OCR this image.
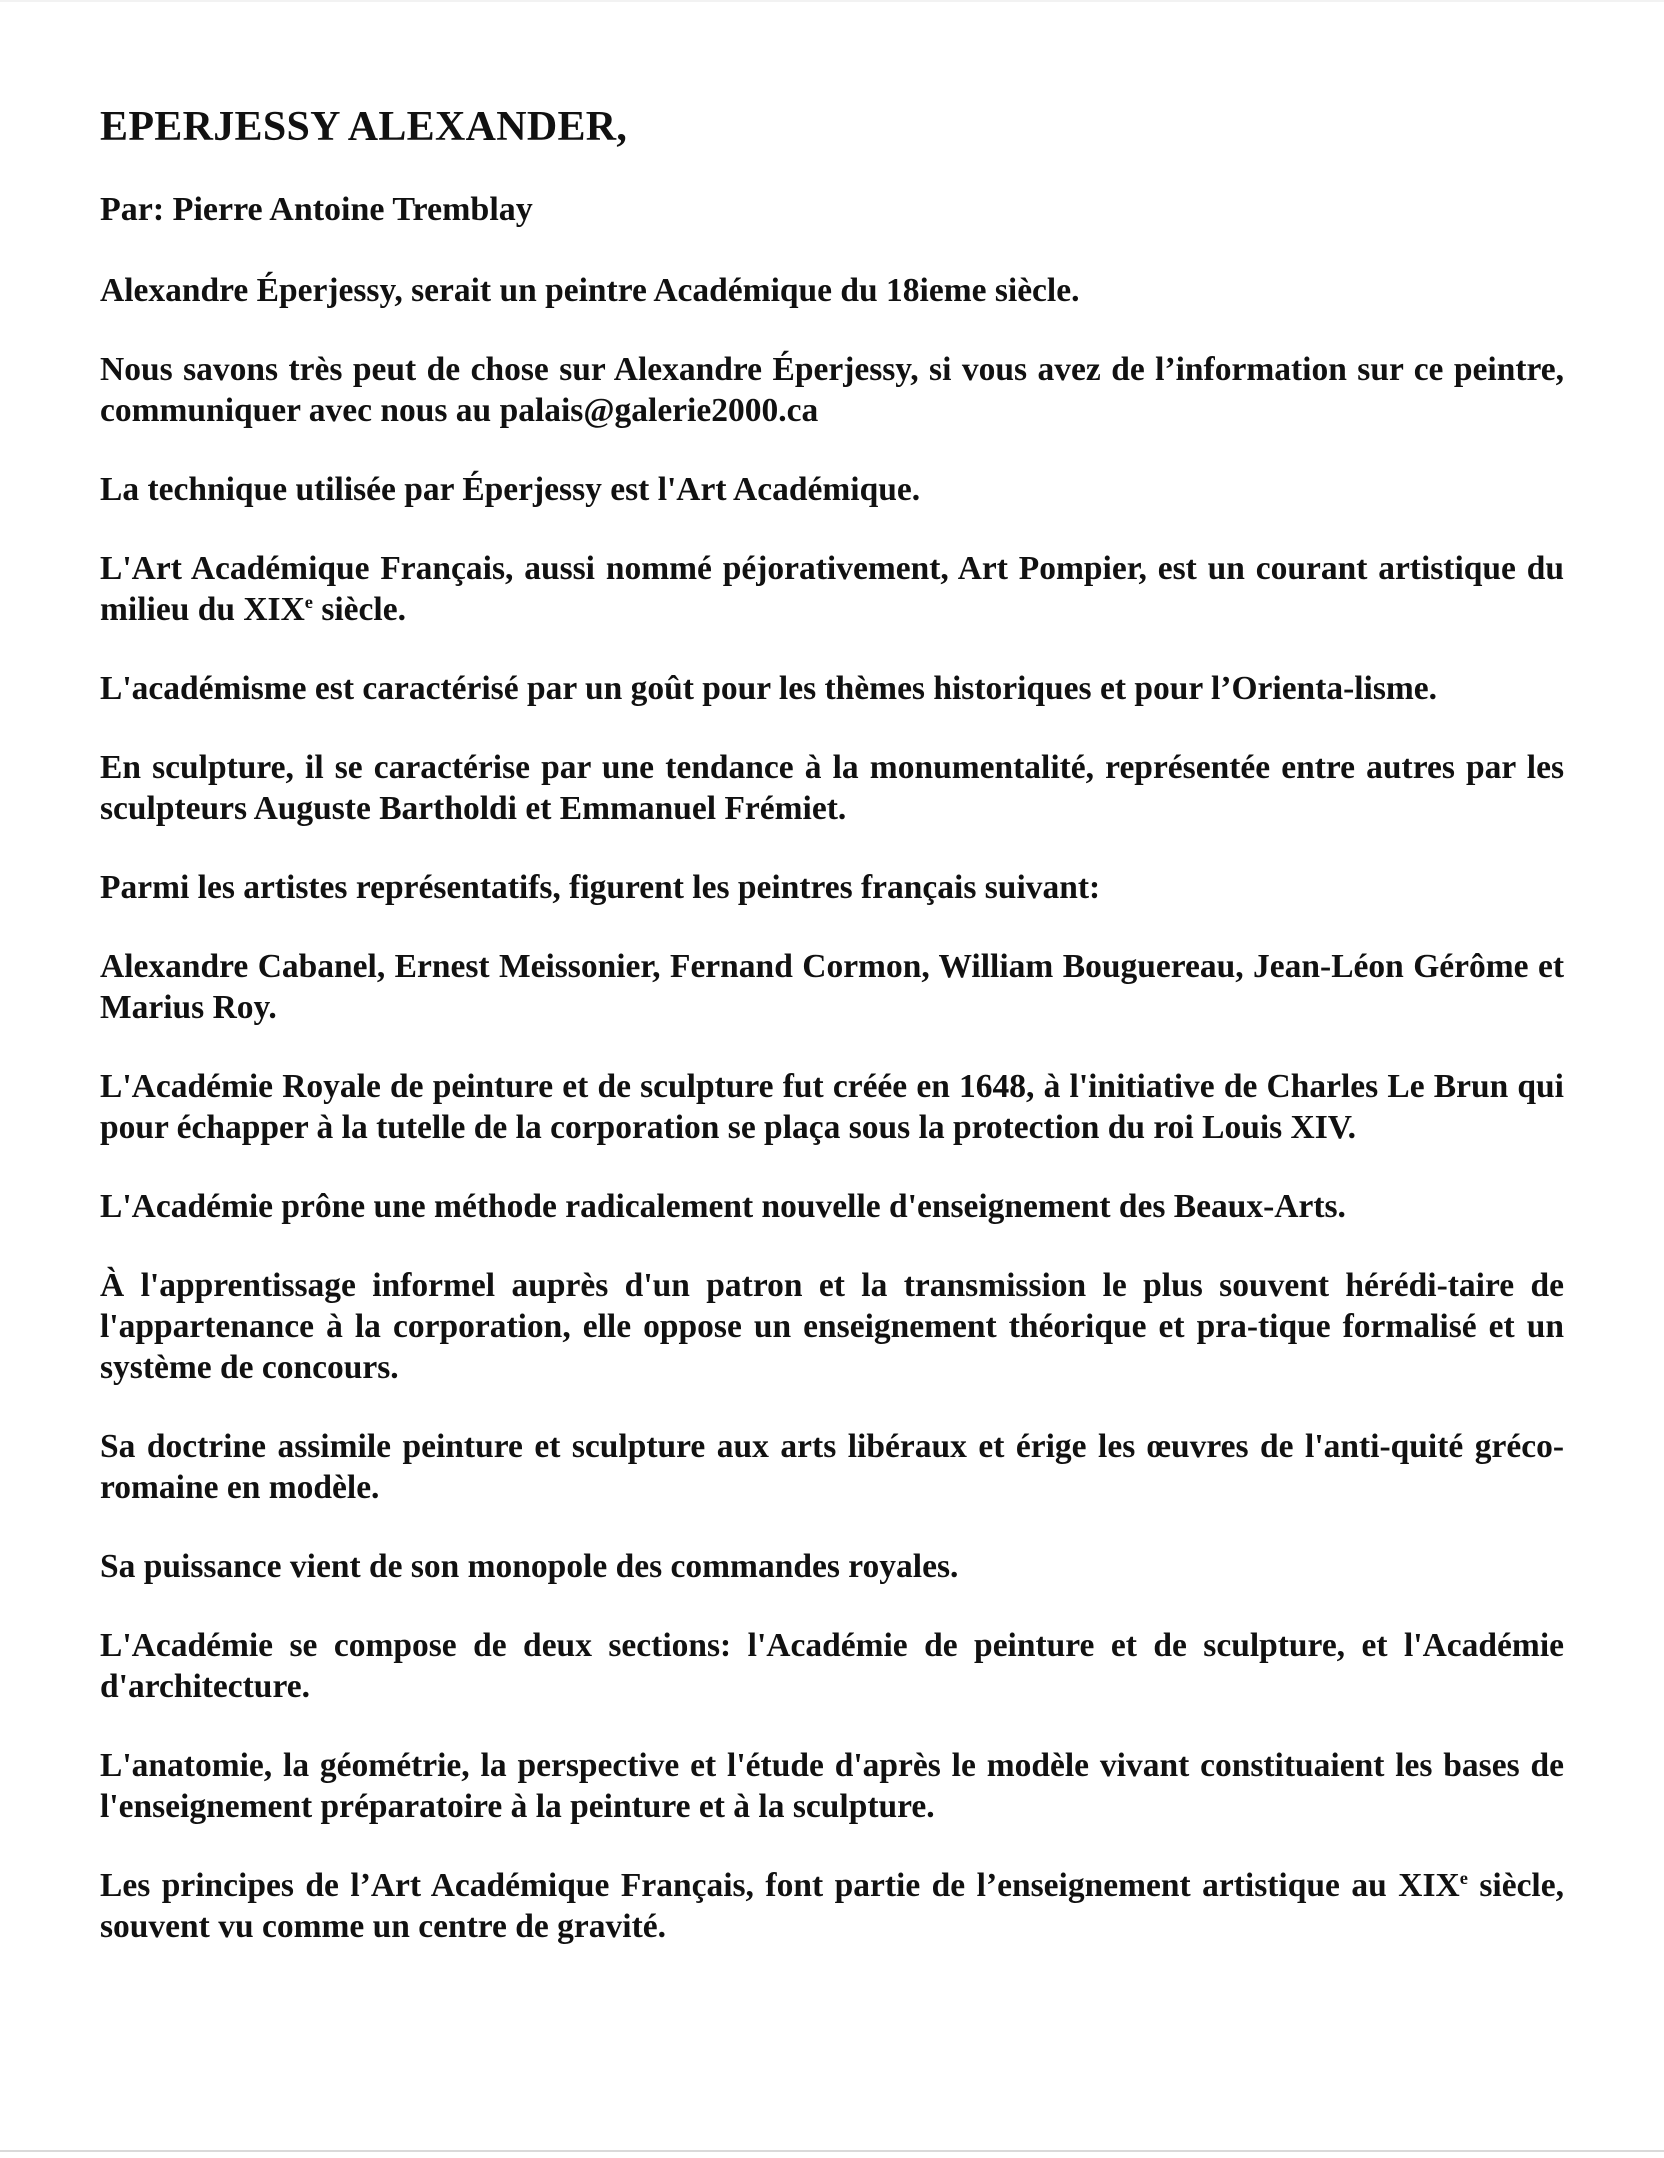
EPERJESSY ALEXANDER,
Par: Pierre Antoine Tremblay

Alexandre Éperjessy, serait un peintre Académique du 18ieme siècle.

Nous savons très peut de chose sur Alexandre Éperjessy, si vous avez de l’information sur ce peintre, communiquer avec nous au palais@galerie2000.ca

La technique utilisée par Éperjessy est l'Art Académique.

L'Art Académique Français, aussi nommé péjorativement, Art Pompier, est un courant artistique du milieu du XIXe siècle.

L'académisme est caractérisé par un goût pour les thèmes historiques et pour l’Orienta-lisme.

En sculpture, il se caractérise par une tendance à la monumentalité, représentée entre autres par les sculpteurs Auguste Bartholdi et Emmanuel Frémiet.

Parmi les artistes représentatifs, figurent les peintres français suivant:

Alexandre Cabanel, Ernest Meissonier, Fernand Cormon, William Bouguereau, Jean-Léon Gérôme et Marius Roy.

L'Académie Royale de peinture et de sculpture fut créée en 1648, à l'initiative de Charles Le Brun qui pour échapper à la tutelle de la corporation se plaça sous la protection du roi Louis XIV.

L'Académie prône une méthode radicalement nouvelle d'enseignement des Beaux-Arts.

À l'apprentissage informel auprès d'un patron et la transmission le plus souvent hérédi-taire de l'appartenance à la corporation, elle oppose un enseignement théorique et pra-tique formalisé et un système de concours.

Sa doctrine assimile peinture et sculpture aux arts libéraux et érige les œuvres de l'anti-quité gréco-romaine en modèle.

Sa puissance vient de son monopole des commandes royales.

L'Académie se compose de deux sections: l'Académie de peinture et de sculpture, et l'Académie d'architecture.

L'anatomie, la géométrie, la perspective et l'étude d'après le modèle vivant constituaient les bases de l'enseignement préparatoire à la peinture et à la sculpture.

Les principes de l’Art Académique Français, font partie de l’enseignement artistique au XIXe siècle, souvent vu comme un centre de gravité.
